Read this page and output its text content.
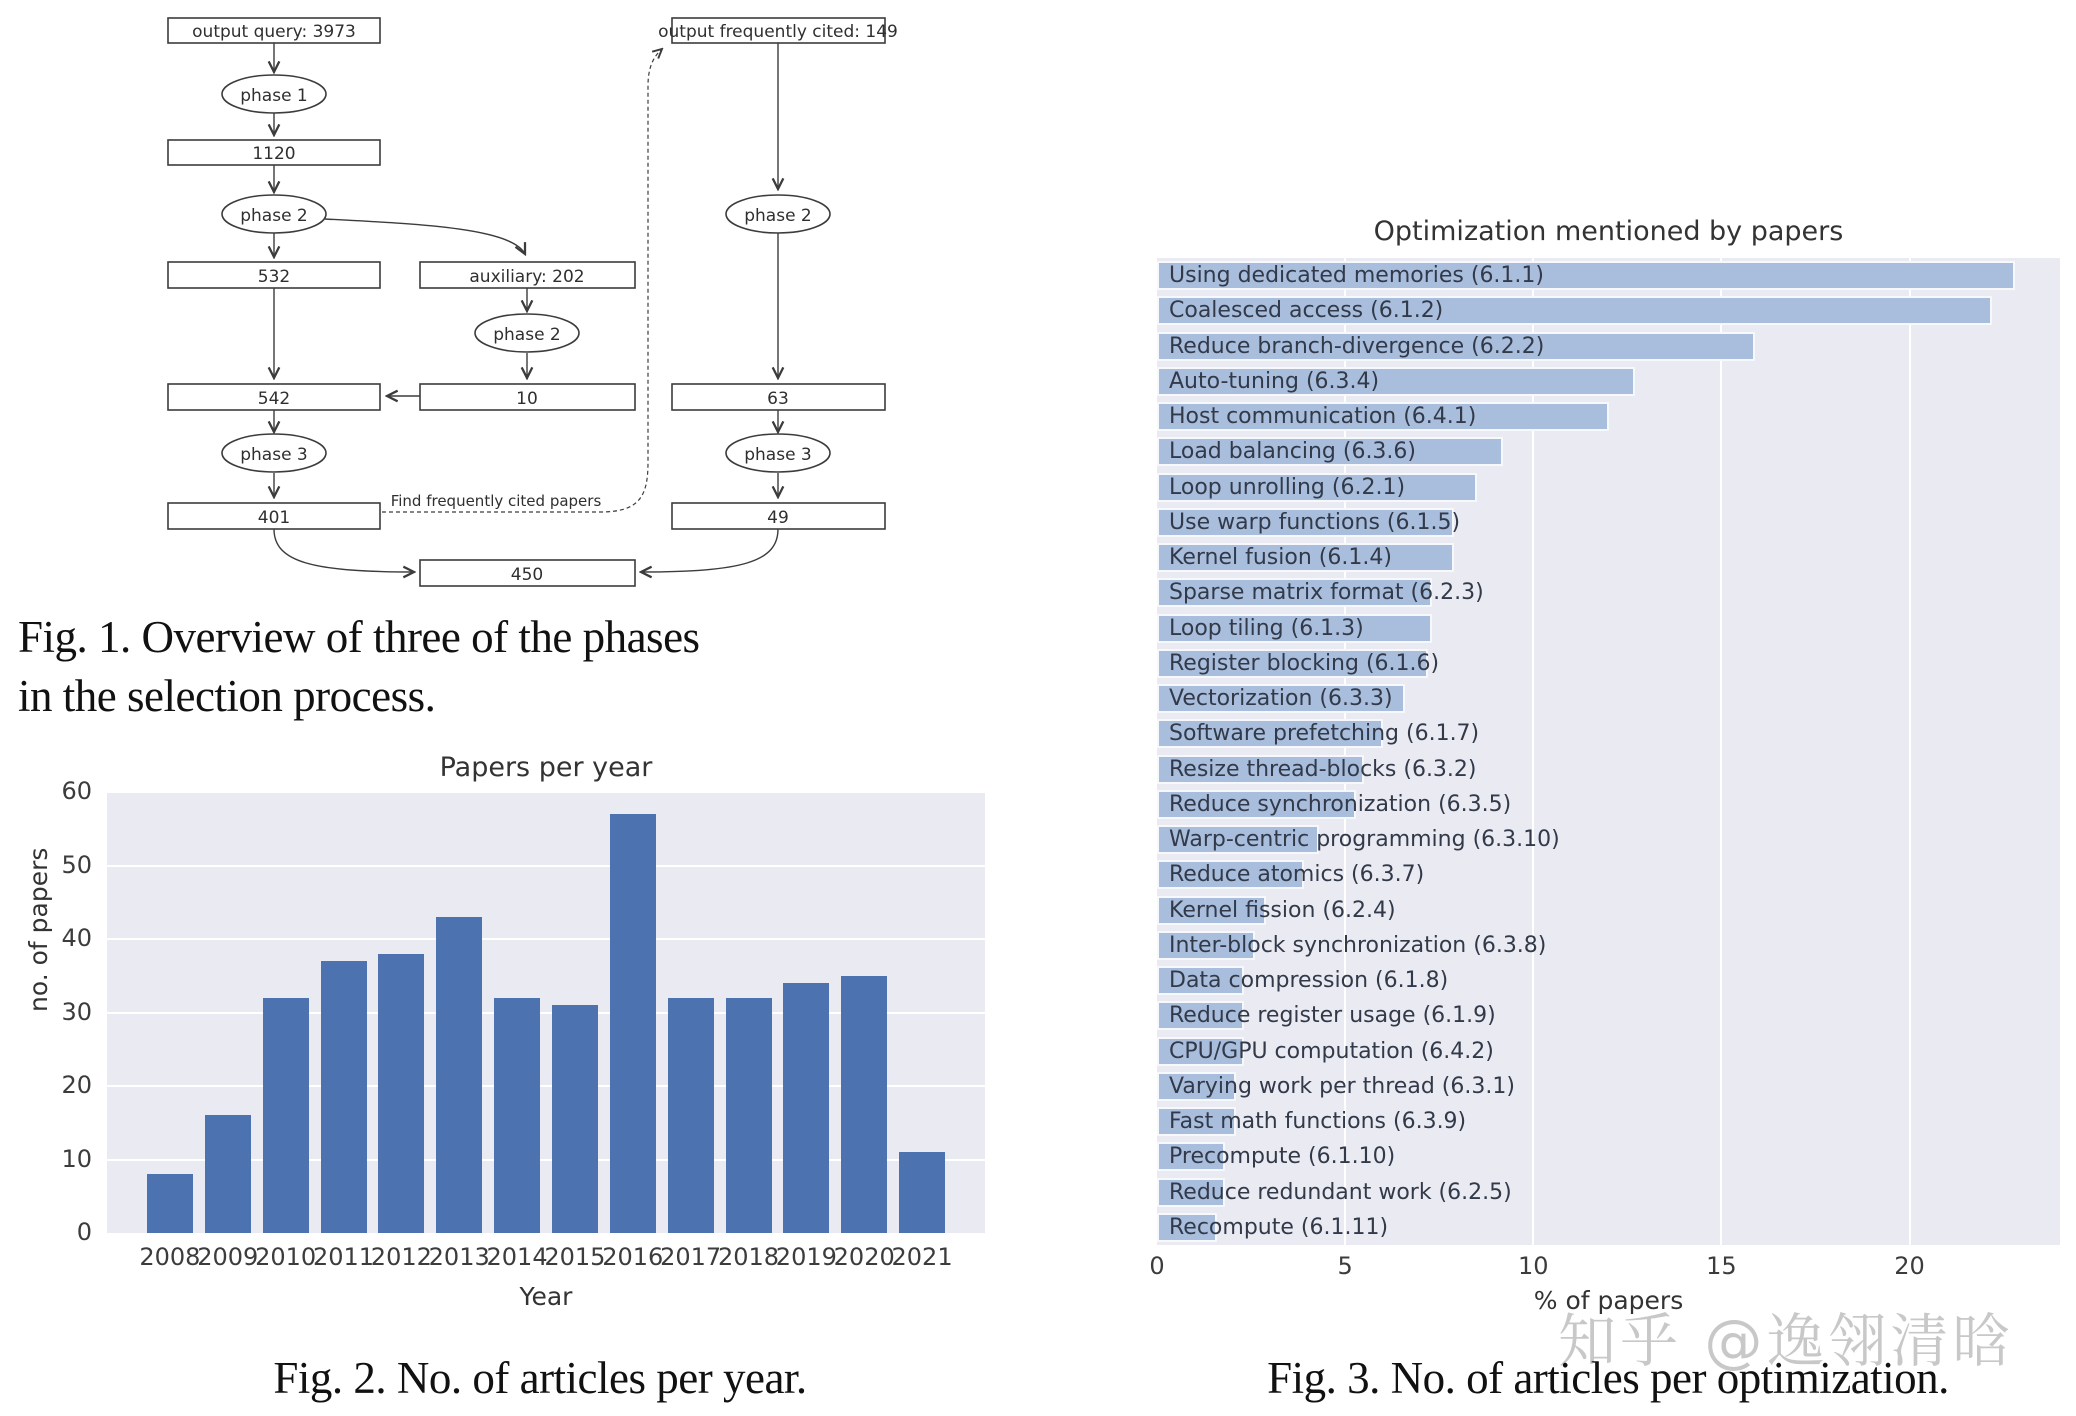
Find frequently cited papers
output query: 3973
1120
532	auxiliary: 202
542	10
output frequently cited: 149
63
401	49
450
phase 1
phase 2
phase 2
phase 2
phase 3	phase 3
Fig. 1. Overview of three of the phases in the selection process.
Fig. 2. No. of articles per year.	Fig. 3. No. of articles per optimization.
Papers per year
0
10
20
30
40
50
60
2008
2009
2010
2011
2012
2013
2014
2015
2016
2017
2018
2019
2020
2021
no. of papers
Year
Optimization mentioned by papers
Using dedicated memories (6.1.1)
Coalesced access (6.1.2)
Reduce branch-divergence (6.2.2)
Auto-tuning (6.3.4)
Host communication (6.4.1)
Load balancing (6.3.6)
Loop unrolling (6.2.1)
Use warp functions (6.1.5)
Kernel fusion (6.1.4)
Sparse matrix format (6.2.3)
Loop tiling (6.1.3)
Register blocking (6.1.6)
Vectorization (6.3.3)
Software prefetching (6.1.7)
Resize thread-blocks (6.3.2)
Reduce synchronization (6.3.5)
Warp-centric programming (6.3.10)
Reduce atomics (6.3.7)
Kernel fission (6.2.4)
Inter-block synchronization (6.3.8)
Data compression (6.1.8)
Reduce register usage (6.1.9)
CPU/GPU computation (6.4.2)
Varying work per thread (6.3.1)
Fast math functions (6.3.9)
Precompute (6.1.10)
Reduce redundant work (6.2.5)
Recompute (6.1.11)
0	5	10	15	20
% of papers
知乎 @逸翎清晗
